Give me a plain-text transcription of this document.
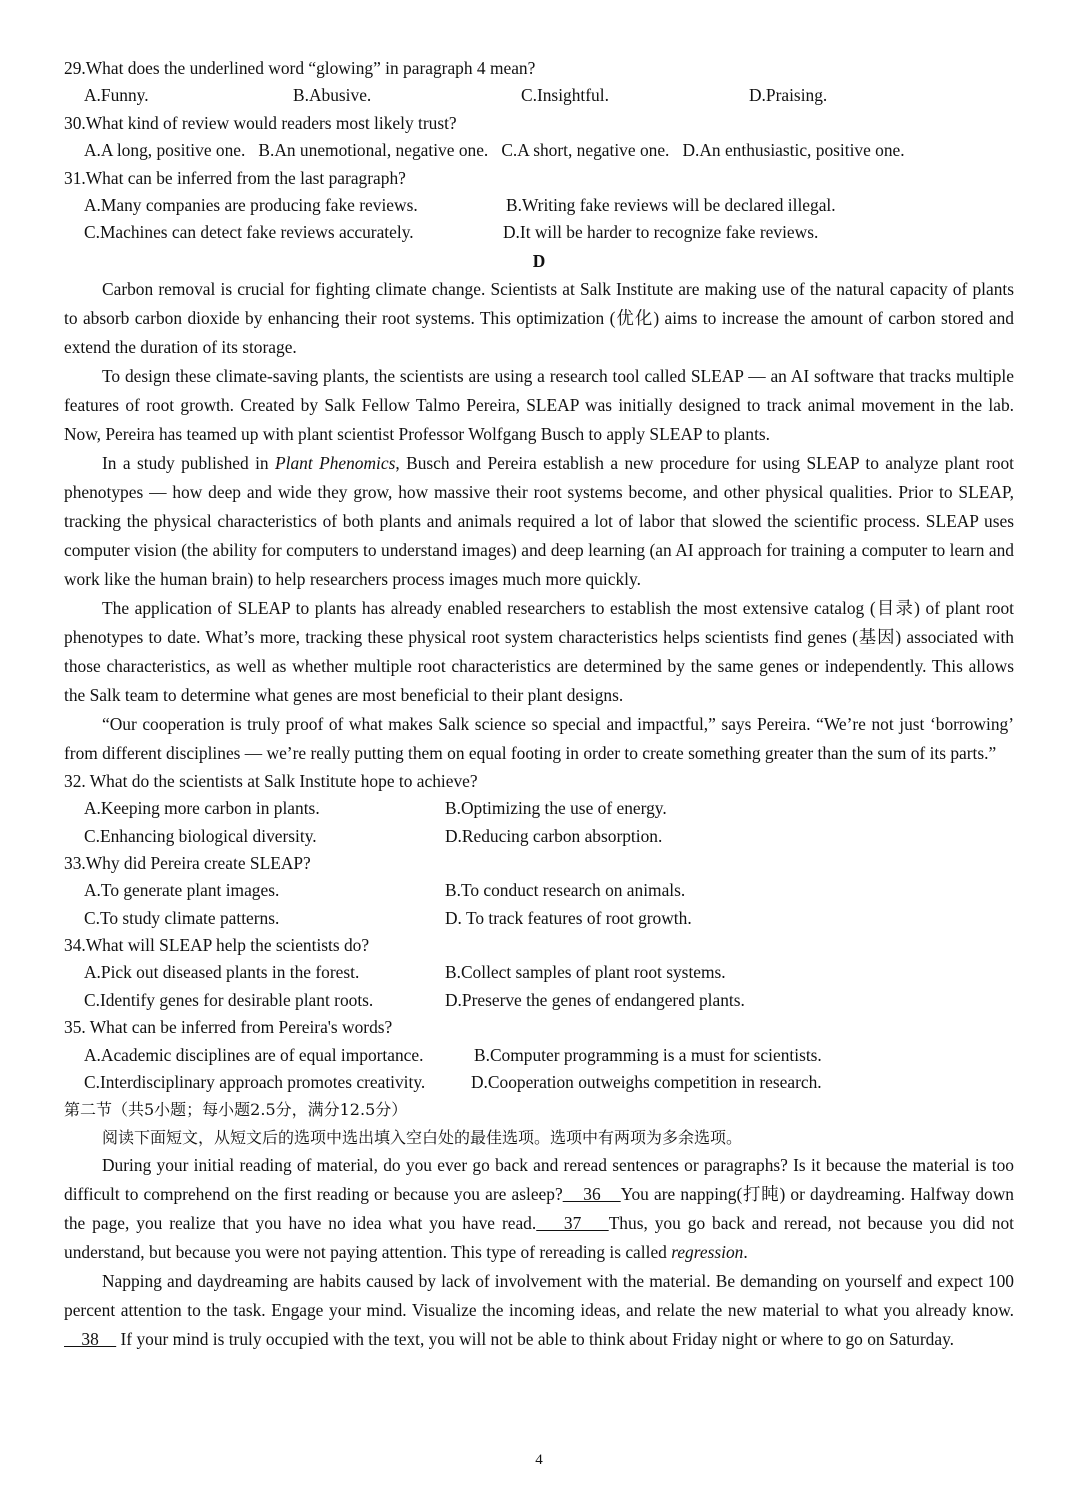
29.What does the underlined word “glowing” in paragraph 4 mean?
A.Funny.	B.Abusive.	C.Insightful.	D.Praising.
30.What kind of review would readers most likely trust?
A.A long, positive one.   B.An unemotional, negative one.   C.A short, negative one.   D.An enthusiastic, positive one.
31.What can be inferred from the last paragraph?
A.Many companies are producing fake reviews.	B.Writing fake reviews will be declared illegal.
C.Machines can detect fake reviews accurately.	D.It will be harder to recognize fake reviews.
D

Carbon removal is crucial for fighting climate change. Scientists at Salk Institute are making use of the natural capacity of plants to absorb carbon dioxide by enhancing their root systems. This optimization (优化) aims to increase the amount of carbon stored and extend the duration of its storage.

To design these climate-saving plants, the scientists are using a research tool called SLEAP — an AI software that tracks multiple features of root growth. Created by Salk Fellow Talmo Pereira, SLEAP was initially designed to track animal movement in the lab. Now, Pereira has teamed up with plant scientist Professor Wolfgang Busch to apply SLEAP to plants.

In a study published in Plant Phenomics, Busch and Pereira establish a new procedure for using SLEAP to analyze plant root phenotypes — how deep and wide they grow, how massive their root systems become, and other physical qualities. Prior to SLEAP, tracking the physical characteristics of both plants and animals required a lot of labor that slowed the scientific process. SLEAP uses computer vision (the ability for computers to understand images) and deep learning (an AI approach for training a computer to learn and work like the human brain) to help researchers process images much more quickly.

The application of SLEAP to plants has already enabled researchers to establish the most extensive catalog (目录) of plant root phenotypes to date. What’s more, tracking these physical root system characteristics helps scientists find genes (基因) associated with those characteristics, as well as whether multiple root characteristics are determined by the same genes or independently. This allows the Salk team to determine what genes are most beneficial to their plant designs.

“Our cooperation is truly proof of what makes Salk science so special and impactful,” says Pereira. “We’re not just ‘borrowing’ from different disciplines — we’re really putting them on equal footing in order to create something greater than the sum of its parts.”

32. What do the scientists at Salk Institute hope to achieve?
A.Keeping more carbon in plants.	B.Optimizing the use of energy.
C.Enhancing biological diversity.	D.Reducing carbon absorption.
33.Why did Pereira create SLEAP?
A.To generate plant images.	B.To conduct research on animals.
C.To study climate patterns.	D. To track features of root growth.
34.What will SLEAP help the scientists do?
A.Pick out diseased plants in the forest.	B.Collect samples of plant root systems.
C.Identify genes for desirable plant roots.	D.Preserve the genes of endangered plants.
35. What can be inferred from Pereira's words?
A.Academic disciplines are of equal importance.	B.Computer programming is a must for scientists.
C.Interdisciplinary approach promotes creativity.	D.Cooperation outweighs competition in research.
第二节（共5小题；每小题2.5分，满分12.5分）
阅读下面短文，从短文后的选项中选出填入空白处的最佳选项。选项中有两项为多余选项。

During your initial reading of material, do you ever go back and reread sentences or paragraphs? Is it because the material is too difficult to comprehend on the first reading or because you are asleep?    36    You are napping(打盹) or daydreaming. Halfway down the page, you realize that you have no idea what you have read.    37    Thus, you go back and reread, not because you did not understand, but because you were not paying attention. This type of rereading is called regression.

Napping and daydreaming are habits caused by lack of involvement with the material. Be demanding on yourself and expect 100 percent attention to the task. Engage your mind. Visualize the incoming ideas, and relate the new material to what you already know.    38     If your mind is truly occupied with the text, you will not be able to think about Friday night or where to go on Saturday.

4
